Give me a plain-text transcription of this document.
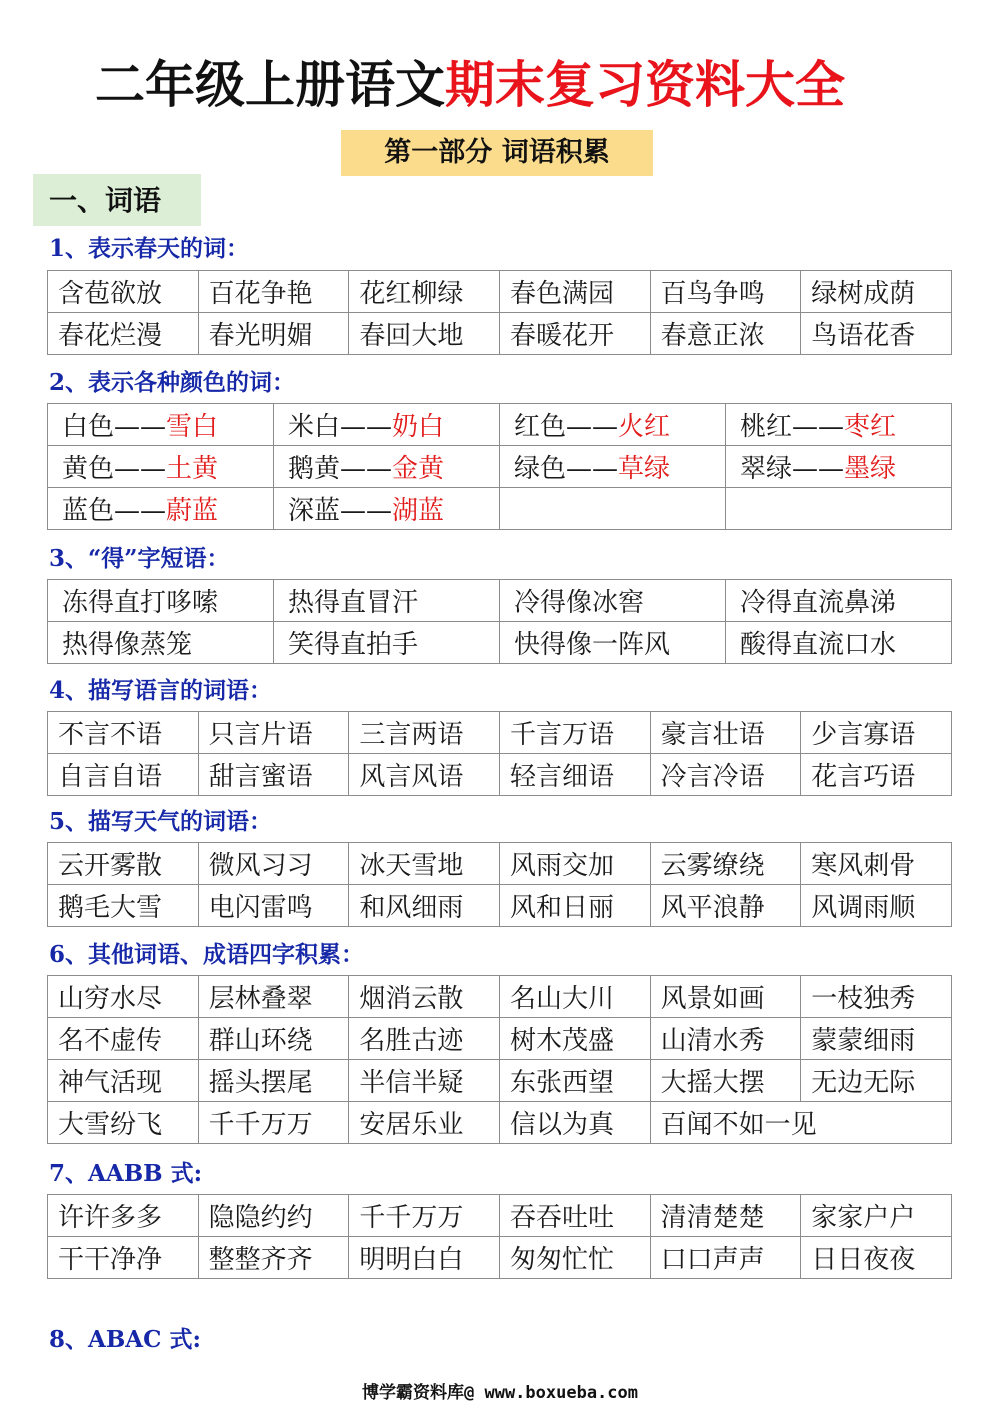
二年级上册语文期末复习资料大全
第一部分 词语积累
一、词语
1、表示春天的词：
含苞欲放	百花争艳	花红柳绿	春色满园	百鸟争鸣	绿树成荫
春花烂漫	春光明媚	春回大地	春暖花开	春意正浓	鸟语花香
2、表示各种颜色的词：
白色——雪白	米白——奶白	红色——火红	桃红——枣红
黄色——土黄	鹅黄——金黄	绿色——草绿	翠绿——墨绿
蓝色——蔚蓝	深蓝——湖蓝		
3、“得”字短语：
冻得直打哆嗦	热得直冒汗	冷得像冰窖	冷得直流鼻涕
热得像蒸笼	笑得直拍手	快得像一阵风	酸得直流口水
4、描写语言的词语：
不言不语	只言片语	三言两语	千言万语	豪言壮语	少言寡语
自言自语	甜言蜜语	风言风语	轻言细语	冷言冷语	花言巧语
5、描写天气的词语：
云开雾散	微风习习	冰天雪地	风雨交加	云雾缭绕	寒风刺骨
鹅毛大雪	电闪雷鸣	和风细雨	风和日丽	风平浪静	风调雨顺
6、其他词语、成语四字积累：
山穷水尽	层林叠翠	烟消云散	名山大川	风景如画	一枝独秀
名不虚传	群山环绕	名胜古迹	树木茂盛	山清水秀	蒙蒙细雨
神气活现	摇头摆尾	半信半疑	东张西望	大摇大摆	无边无际
大雪纷飞	千千万万	安居乐业	信以为真	百闻不如一见	
7、AABB 式:
许许多多	隐隐约约	千千万万	吞吞吐吐	清清楚楚	家家户户
干干净净	整整齐齐	明明白白	匆匆忙忙	口口声声	日日夜夜
8、ABAC 式:
博学霸资料库@ www.boxueba.com
